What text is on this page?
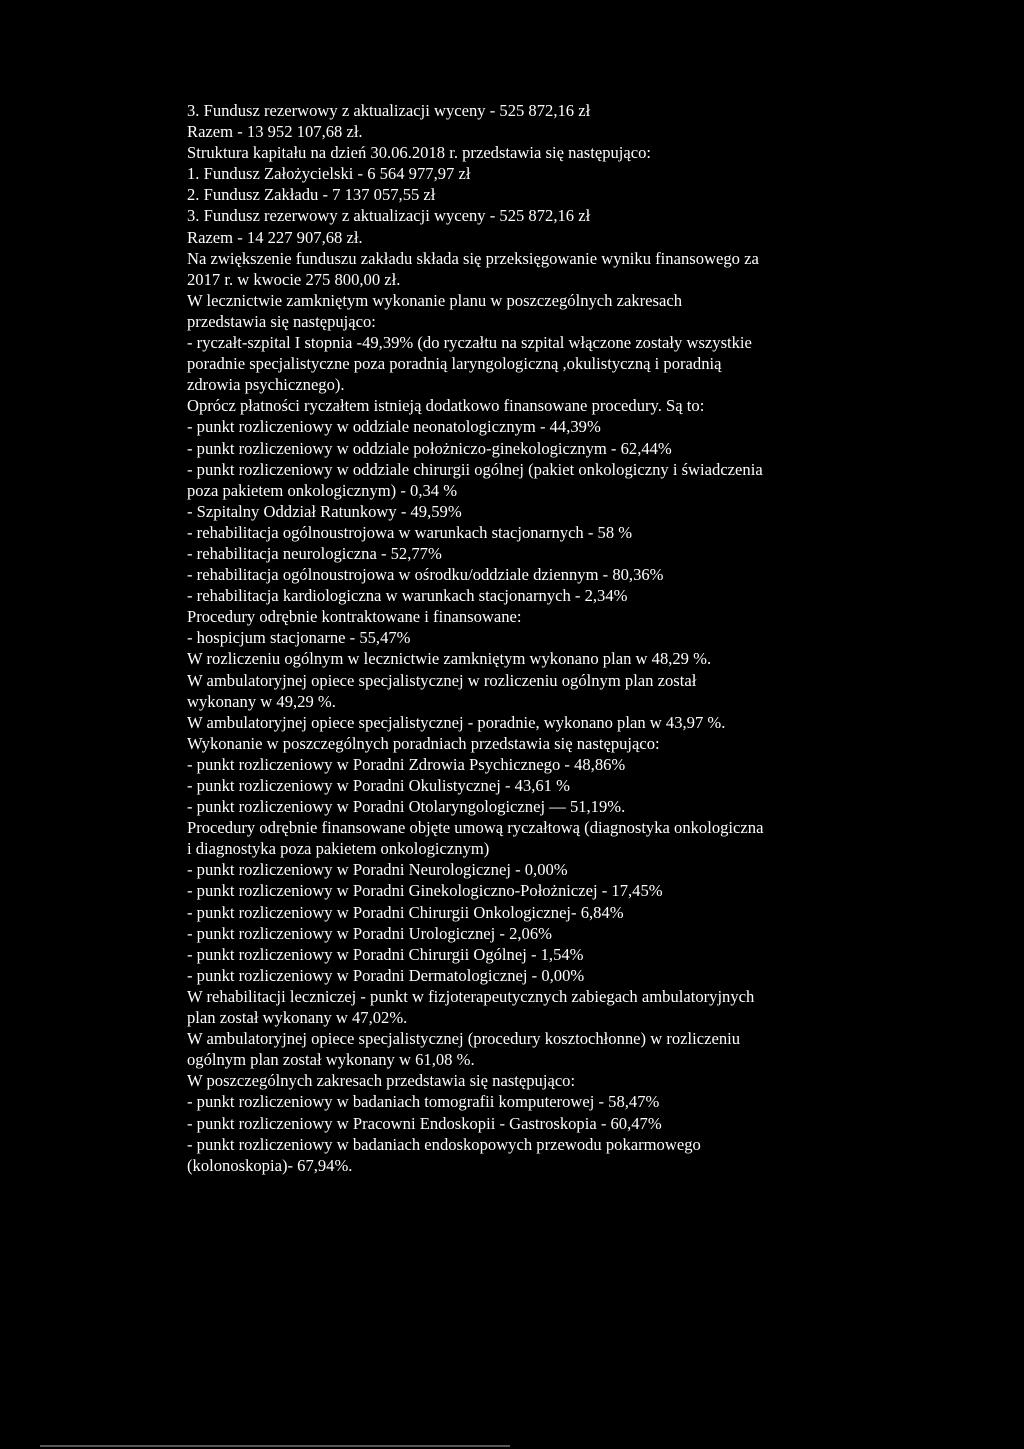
3. Fundusz rezerwowy z aktualizacji wyceny - 525 872,16 zł
Razem - 13 952 107,68 zł.
Struktura kapitału na dzień 30.06.2018 r. przedstawia się następująco:
1. Fundusz Założycielski - 6 564 977,97 zł
2. Fundusz Zakładu - 7 137 057,55 zł
3. Fundusz rezerwowy z aktualizacji wyceny - 525 872,16 zł
Razem - 14 227 907,68 zł.
Na zwiększenie funduszu zakładu składa się przeksięgowanie wyniku finansowego za
2017 r. w kwocie 275 800,00 zł.
W lecznictwie zamkniętym wykonanie planu w poszczególnych zakresach
przedstawia się następująco:
- ryczałt-szpital I stopnia -49,39% (do ryczałtu na szpital włączone zostały wszystkie
poradnie specjalistyczne poza poradnią laryngologiczną ,okulistyczną i poradnią
zdrowia psychicznego).
Oprócz płatności ryczałtem istnieją dodatkowo finansowane procedury. Są to:
- punkt rozliczeniowy w oddziale neonatologicznym - 44,39%
- punkt rozliczeniowy w oddziale położniczo-ginekologicznym - 62,44%
- punkt rozliczeniowy w oddziale chirurgii ogólnej (pakiet onkologiczny i świadczenia
poza pakietem onkologicznym) - 0,34 %
- Szpitalny Oddział Ratunkowy - 49,59%
- rehabilitacja ogólnoustrojowa w warunkach stacjonarnych - 58 %
- rehabilitacja neurologiczna - 52,77%
- rehabilitacja ogólnoustrojowa w ośrodku/oddziale dziennym - 80,36%
- rehabilitacja kardiologiczna w warunkach stacjonarnych - 2,34%
Procedury odrębnie kontraktowane i finansowane:
- hospicjum stacjonarne - 55,47%
W rozliczeniu ogólnym w lecznictwie zamkniętym wykonano plan w 48,29 %.
W ambulatoryjnej opiece specjalistycznej w rozliczeniu ogólnym plan został
wykonany w 49,29 %.
W ambulatoryjnej opiece specjalistycznej - poradnie, wykonano plan w 43,97 %.
Wykonanie w poszczególnych poradniach przedstawia się następująco:
- punkt rozliczeniowy w Poradni Zdrowia Psychicznego - 48,86%
- punkt rozliczeniowy w Poradni Okulistycznej - 43,61 %
- punkt rozliczeniowy w Poradni Otolaryngologicznej — 51,19%.
Procedury odrębnie finansowane objęte umową ryczałtową (diagnostyka onkologiczna
i diagnostyka poza pakietem onkologicznym)
- punkt rozliczeniowy w Poradni Neurologicznej - 0,00%
- punkt rozliczeniowy w Poradni Ginekologiczno-Położniczej - 17,45%
- punkt rozliczeniowy w Poradni Chirurgii Onkologicznej- 6,84%
- punkt rozliczeniowy w Poradni Urologicznej - 2,06%
- punkt rozliczeniowy w Poradni Chirurgii Ogólnej - 1,54%
- punkt rozliczeniowy w Poradni Dermatologicznej - 0,00%
W rehabilitacji leczniczej - punkt w fizjoterapeutycznych zabiegach ambulatoryjnych
plan został wykonany w 47,02%.
W ambulatoryjnej opiece specjalistycznej (procedury kosztochłonne) w rozliczeniu
ogólnym plan został wykonany w 61,08 %.
W poszczególnych zakresach przedstawia się następująco:
- punkt rozliczeniowy w badaniach tomografii komputerowej - 58,47%
- punkt rozliczeniowy w Pracowni Endoskopii - Gastroskopia - 60,47%
- punkt rozliczeniowy w badaniach endoskopowych przewodu pokarmowego
(kolonoskopia)- 67,94%.
